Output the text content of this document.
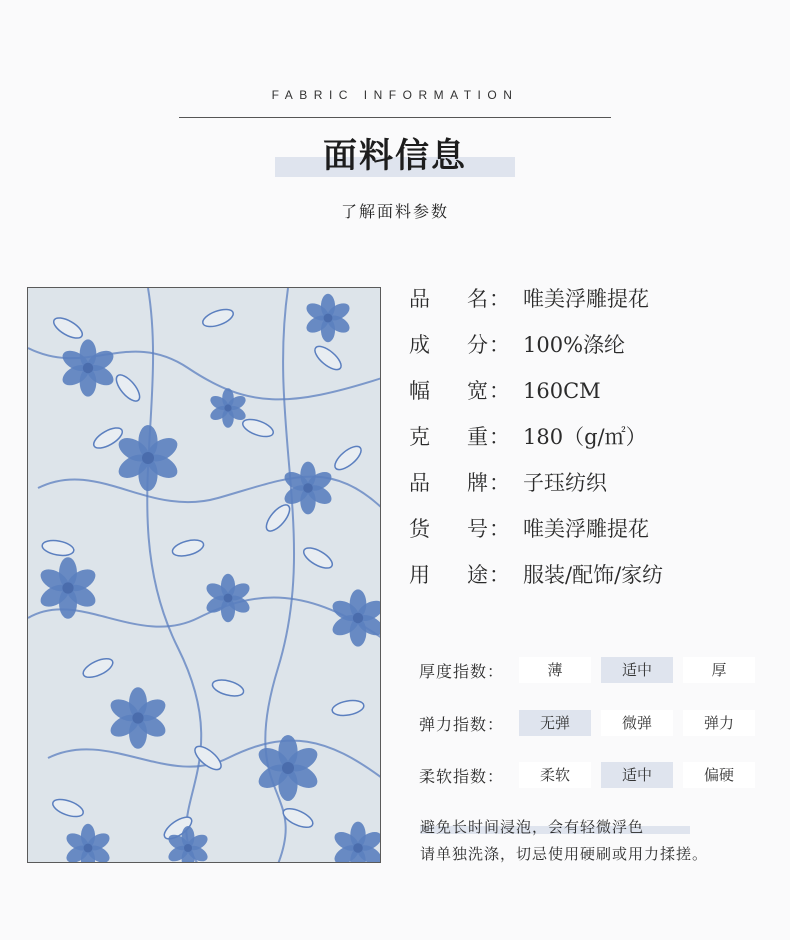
FABRIC INFORMATION
面料信息
了解面料参数
品 名： 唯美浮雕提花
成 分： 100%涤纶
幅 宽： 160CM
克 重： 180（g/㎡）
品 牌： 子珏纺织
货 号： 唯美浮雕提花
用 途： 服装/配饰/家纺
厚度指数：	薄	适中	厚
弹力指数：	无弹	微弹	弹力
柔软指数：	柔软	适中	偏硬
避免长时间浸泡，会有轻微浮色
请单独洗涤，切忌使用硬刷或用力揉搓。
